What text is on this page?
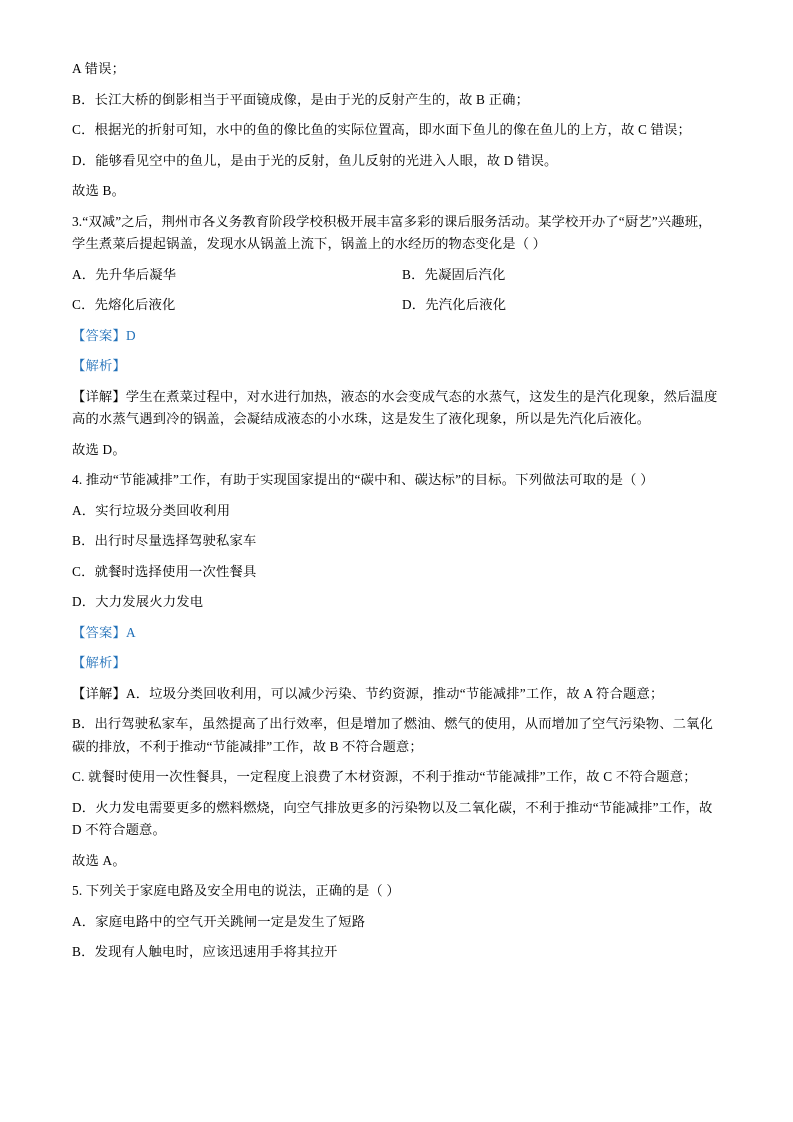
A 错误；
B．长江大桥的倒影相当于平面镜成像，是由于光的反射产生的，故 B 正确；
C．根据光的折射可知，水中的鱼的像比鱼的实际位置高，即水面下鱼儿的像在鱼儿的上方，故 C 错误；
D．能够看见空中的鱼儿，是由于光的反射，鱼儿反射的光进入人眼，故 D 错误。
故选 B。
3.“双减”之后，荆州市各义务教育阶段学校积极开展丰富多彩的课后服务活动。某学校开办了“厨艺”兴趣班，学生煮菜后提起锅盖，发现水从锅盖上流下，锅盖上的水经历的物态变化是（ ）
A．先升华后凝华	B．先凝固后汽化
C．先熔化后液化	D．先汽化后液化
【答案】D
【解析】
【详解】学生在煮菜过程中，对水进行加热，液态的水会变成气态的水蒸气，这发生的是汽化现象，然后温度高的水蒸气遇到冷的锅盖，会凝结成液态的小水珠，这是发生了液化现象，所以是先汽化后液化。
故选 D。
4. 推动“节能减排”工作，有助于实现国家提出的“碳中和、碳达标”的目标。下列做法可取的是（ ）
A．实行垃圾分类回收利用
B．出行时尽量选择驾驶私家车
C．就餐时选择使用一次性餐具
D．大力发展火力发电
【答案】A
【解析】
【详解】A．垃圾分类回收利用，可以减少污染、节约资源，推动“节能减排”工作，故 A 符合题意；
B．出行驾驶私家车，虽然提高了出行效率，但是增加了燃油、燃气的使用，从而增加了空气污染物、二氧化碳的排放，不利于推动“节能减排”工作，故 B 不符合题意；
C. 就餐时使用一次性餐具，一定程度上浪费了木材资源，不利于推动“节能减排”工作，故 C 不符合题意；
D．火力发电需要更多的燃料燃烧，向空气排放更多的污染物以及二氧化碳，不利于推动“节能减排”工作，故 D 不符合题意。
故选 A。
5. 下列关于家庭电路及安全用电的说法，正确的是（ ）
A．家庭电路中的空气开关跳闸一定是发生了短路
B．发现有人触电时，应该迅速用手将其拉开
